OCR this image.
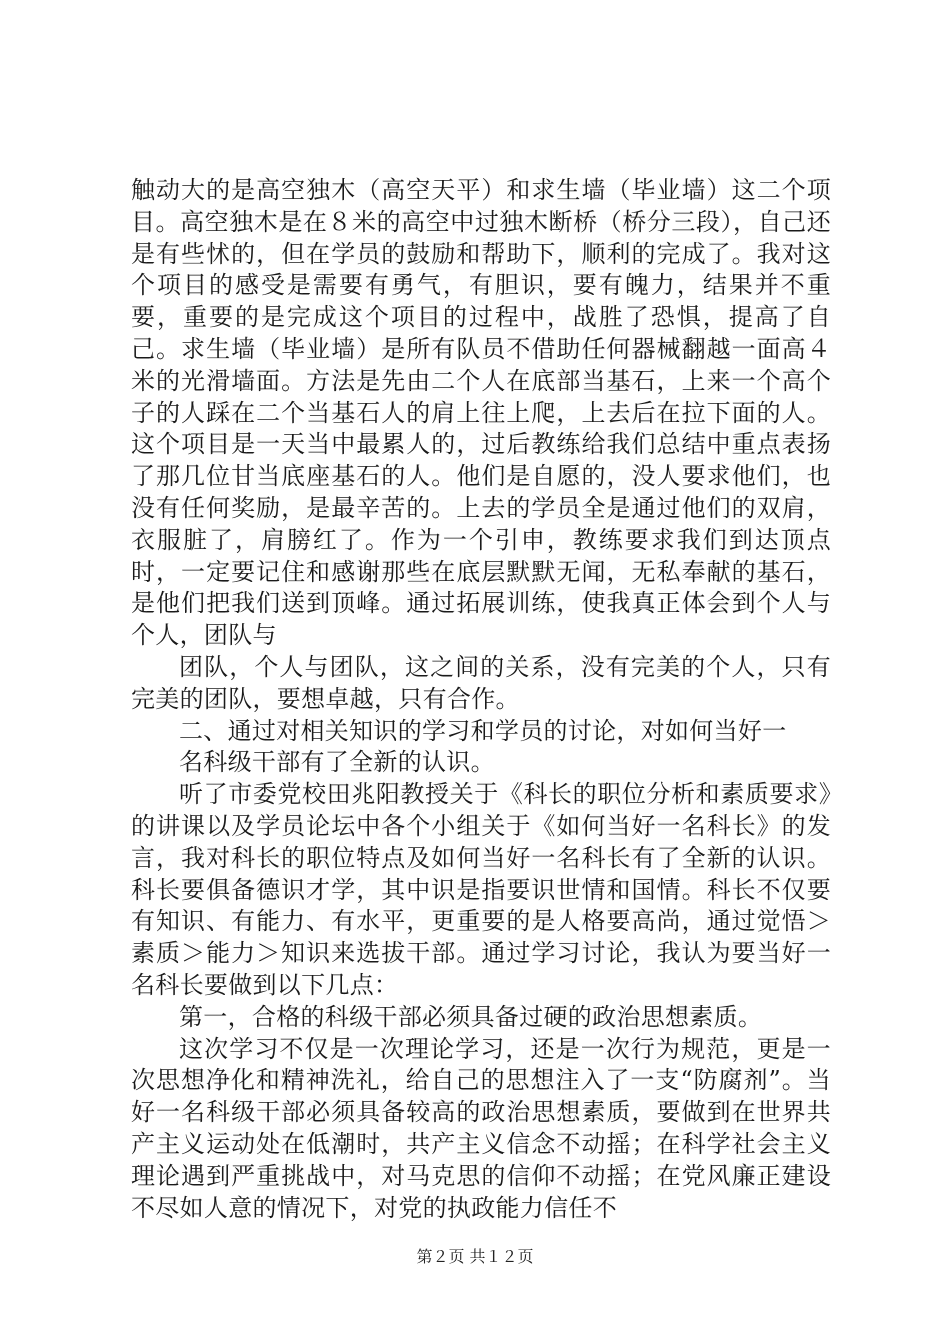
触动大的是高空独木（高空天平）和求生墙（毕业墙）这二个项目。高空独木是在８米的高空中过独木断桥（桥分三段），自己还是有些怵的，但在学员的鼓励和帮助下，顺利的完成了。我对这个项目的感受是需要有勇气，有胆识，要有魄力，结果并不重要，重要的是完成这个项目的过程中，战胜了恐惧，提高了自己。求生墙（毕业墙）是所有队员不借助任何器械翻越一面高４米的光滑墙面。方法是先由二个人在底部当基石，上来一个高个子的人踩在二个当基石人的肩上往上爬，上去后在拉下面的人。这个项目是一天当中最累人的，过后教练给我们总结中重点表扬了那几位甘当底座基石的人。他们是自愿的，没人要求他们，也没有任何奖励，是最辛苦的。上去的学员全是通过他们的双肩，衣服脏了，肩膀红了。作为一个引申，教练要求我们到达顶点时，一定要记住和感谢那些在底层默默无闻，无私奉献的基石，是他们把我们送到顶峰。通过拓展训练，使我真正体会到个人与个人，团队与

团队，个人与团队，这之间的关系，没有完美的个人，只有完美的团队，要想卓越，只有合作。

二、通过对相关知识的学习和学员的讨论，对如何当好一

名科级干部有了全新的认识。

听了市委党校田兆阳教授关于《科长的职位分析和素质要求》的讲课以及学员论坛中各个小组关于《如何当好一名科长》的发言，我对科长的职位特点及如何当好一名科长有了全新的认识。科长要俱备德识才学，其中识是指要识世情和国情。科长不仅要有知识、有能力、有水平，更重要的是人格要高尚，通过觉悟＞素质＞能力＞知识来选拔干部。通过学习讨论，我认为要当好一名科长要做到以下几点：

第一，合格的科级干部必须具备过硬的政治思想素质。

这次学习不仅是一次理论学习，还是一次行为规范，更是一次思想净化和精神洗礼，给自己的思想注入了一支“防腐剂”。当好一名科级干部必须具备较高的政治思想素质，要做到在世界共产主义运动处在低潮时，共产主义信念不动摇；在科学社会主义理论遇到严重挑战中，对马克思的信仰不动摇；在党风廉正建设不尽如人意的情况下，对党的执政能力信任不

第２页 共１２页
